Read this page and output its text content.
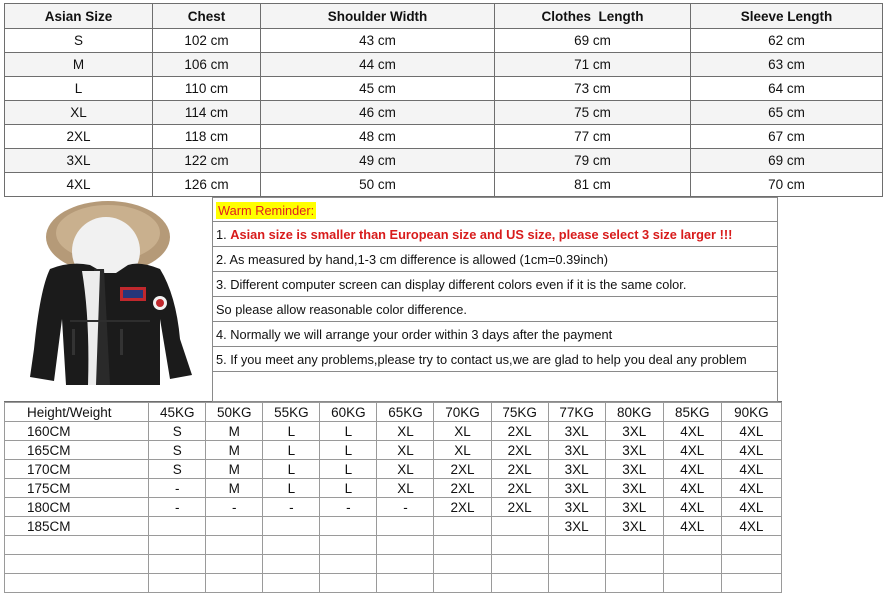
Asian Size	Chest	Shoulder Width	Clothes  Length	Sleeve Length
S	102 cm	43 cm	69 cm	62 cm
M	106 cm	44 cm	71 cm	63 cm
L	110 cm	45 cm	73 cm	64 cm
XL	114 cm	46 cm	75 cm	65 cm
2XL	118 cm	48 cm	77 cm	67 cm
3XL	122 cm	49 cm	79 cm	69 cm
4XL	126 cm	50 cm	81 cm	70 cm
Warm Reminder:
1. Asian size is smaller than European size and US size, please select 3 size larger !!!
2. As measured by hand,1-3 cm difference is allowed (1cm=0.39inch)
3. Different computer screen can display different colors even if it is the same color.
So please allow reasonable color difference.
4. Normally we will arrange your order within 3 days after the payment
5. If you meet any problems,please try to contact us,we are glad to help you deal any problem
Height/Weight	45KG	50KG	55KG	60KG	65KG	70KG	75KG	77KG	80KG	85KG	90KG
160CM	S	M	L	L	XL	XL	2XL	3XL	3XL	4XL	4XL
165CM	S	M	L	L	XL	XL	2XL	3XL	3XL	4XL	4XL
170CM	S	M	L	L	XL	2XL	2XL	3XL	3XL	4XL	4XL
175CM	-	M	L	L	XL	2XL	2XL	3XL	3XL	4XL	4XL
180CM	-	-	-	-	-	2XL	2XL	3XL	3XL	4XL	4XL
185CM								3XL	3XL	4XL	4XL
